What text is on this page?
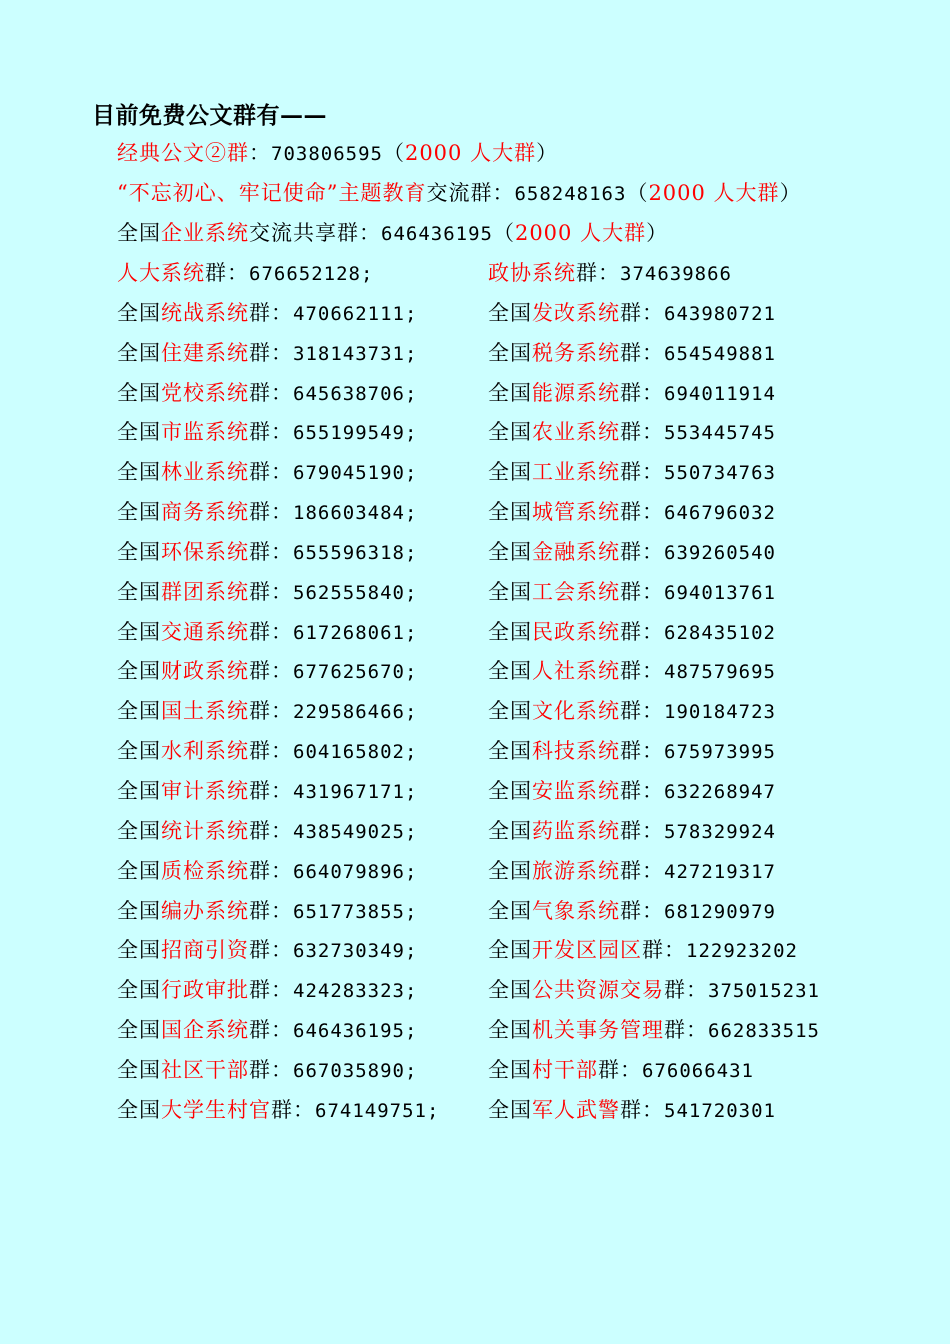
目前免费公文群有——
经典公文②群：703806595（2000 人大群）
“不忘初心、牢记使命”主题教育交流群：658248163（2000 人大群）
全国企业系统交流共享群：646436195（2000 人大群）
人大系统群：676652128;	政协系统群：374639866
全国统战系统群：470662111;	全国发改系统群：643980721
全国住建系统群：318143731;	全国税务系统群：654549881
全国党校系统群：645638706;	全国能源系统群：694011914
全国市监系统群：655199549;	全国农业系统群：553445745
全国林业系统群：679045190;	全国工业系统群：550734763
全国商务系统群：186603484;	全国城管系统群：646796032
全国环保系统群：655596318;	全国金融系统群：639260540
全国群团系统群：562555840;	全国工会系统群：694013761
全国交通系统群：617268061;	全国民政系统群：628435102
全国财政系统群：677625670;	全国人社系统群：487579695
全国国土系统群：229586466;	全国文化系统群：190184723
全国水利系统群：604165802;	全国科技系统群：675973995
全国审计系统群：431967171;	全国安监系统群：632268947
全国统计系统群：438549025;	全国药监系统群：578329924
全国质检系统群：664079896;	全国旅游系统群：427219317
全国编办系统群：651773855;	全国气象系统群：681290979
全国招商引资群：632730349;	全国开发区园区群：122923202
全国行政审批群：424283323;	全国公共资源交易群：375015231
全国国企系统群：646436195;	全国机关事务管理群：662833515
全国社区干部群：667035890;	全国村干部群：676066431
全国大学生村官群：674149751; 全国军人武警群：541720301
